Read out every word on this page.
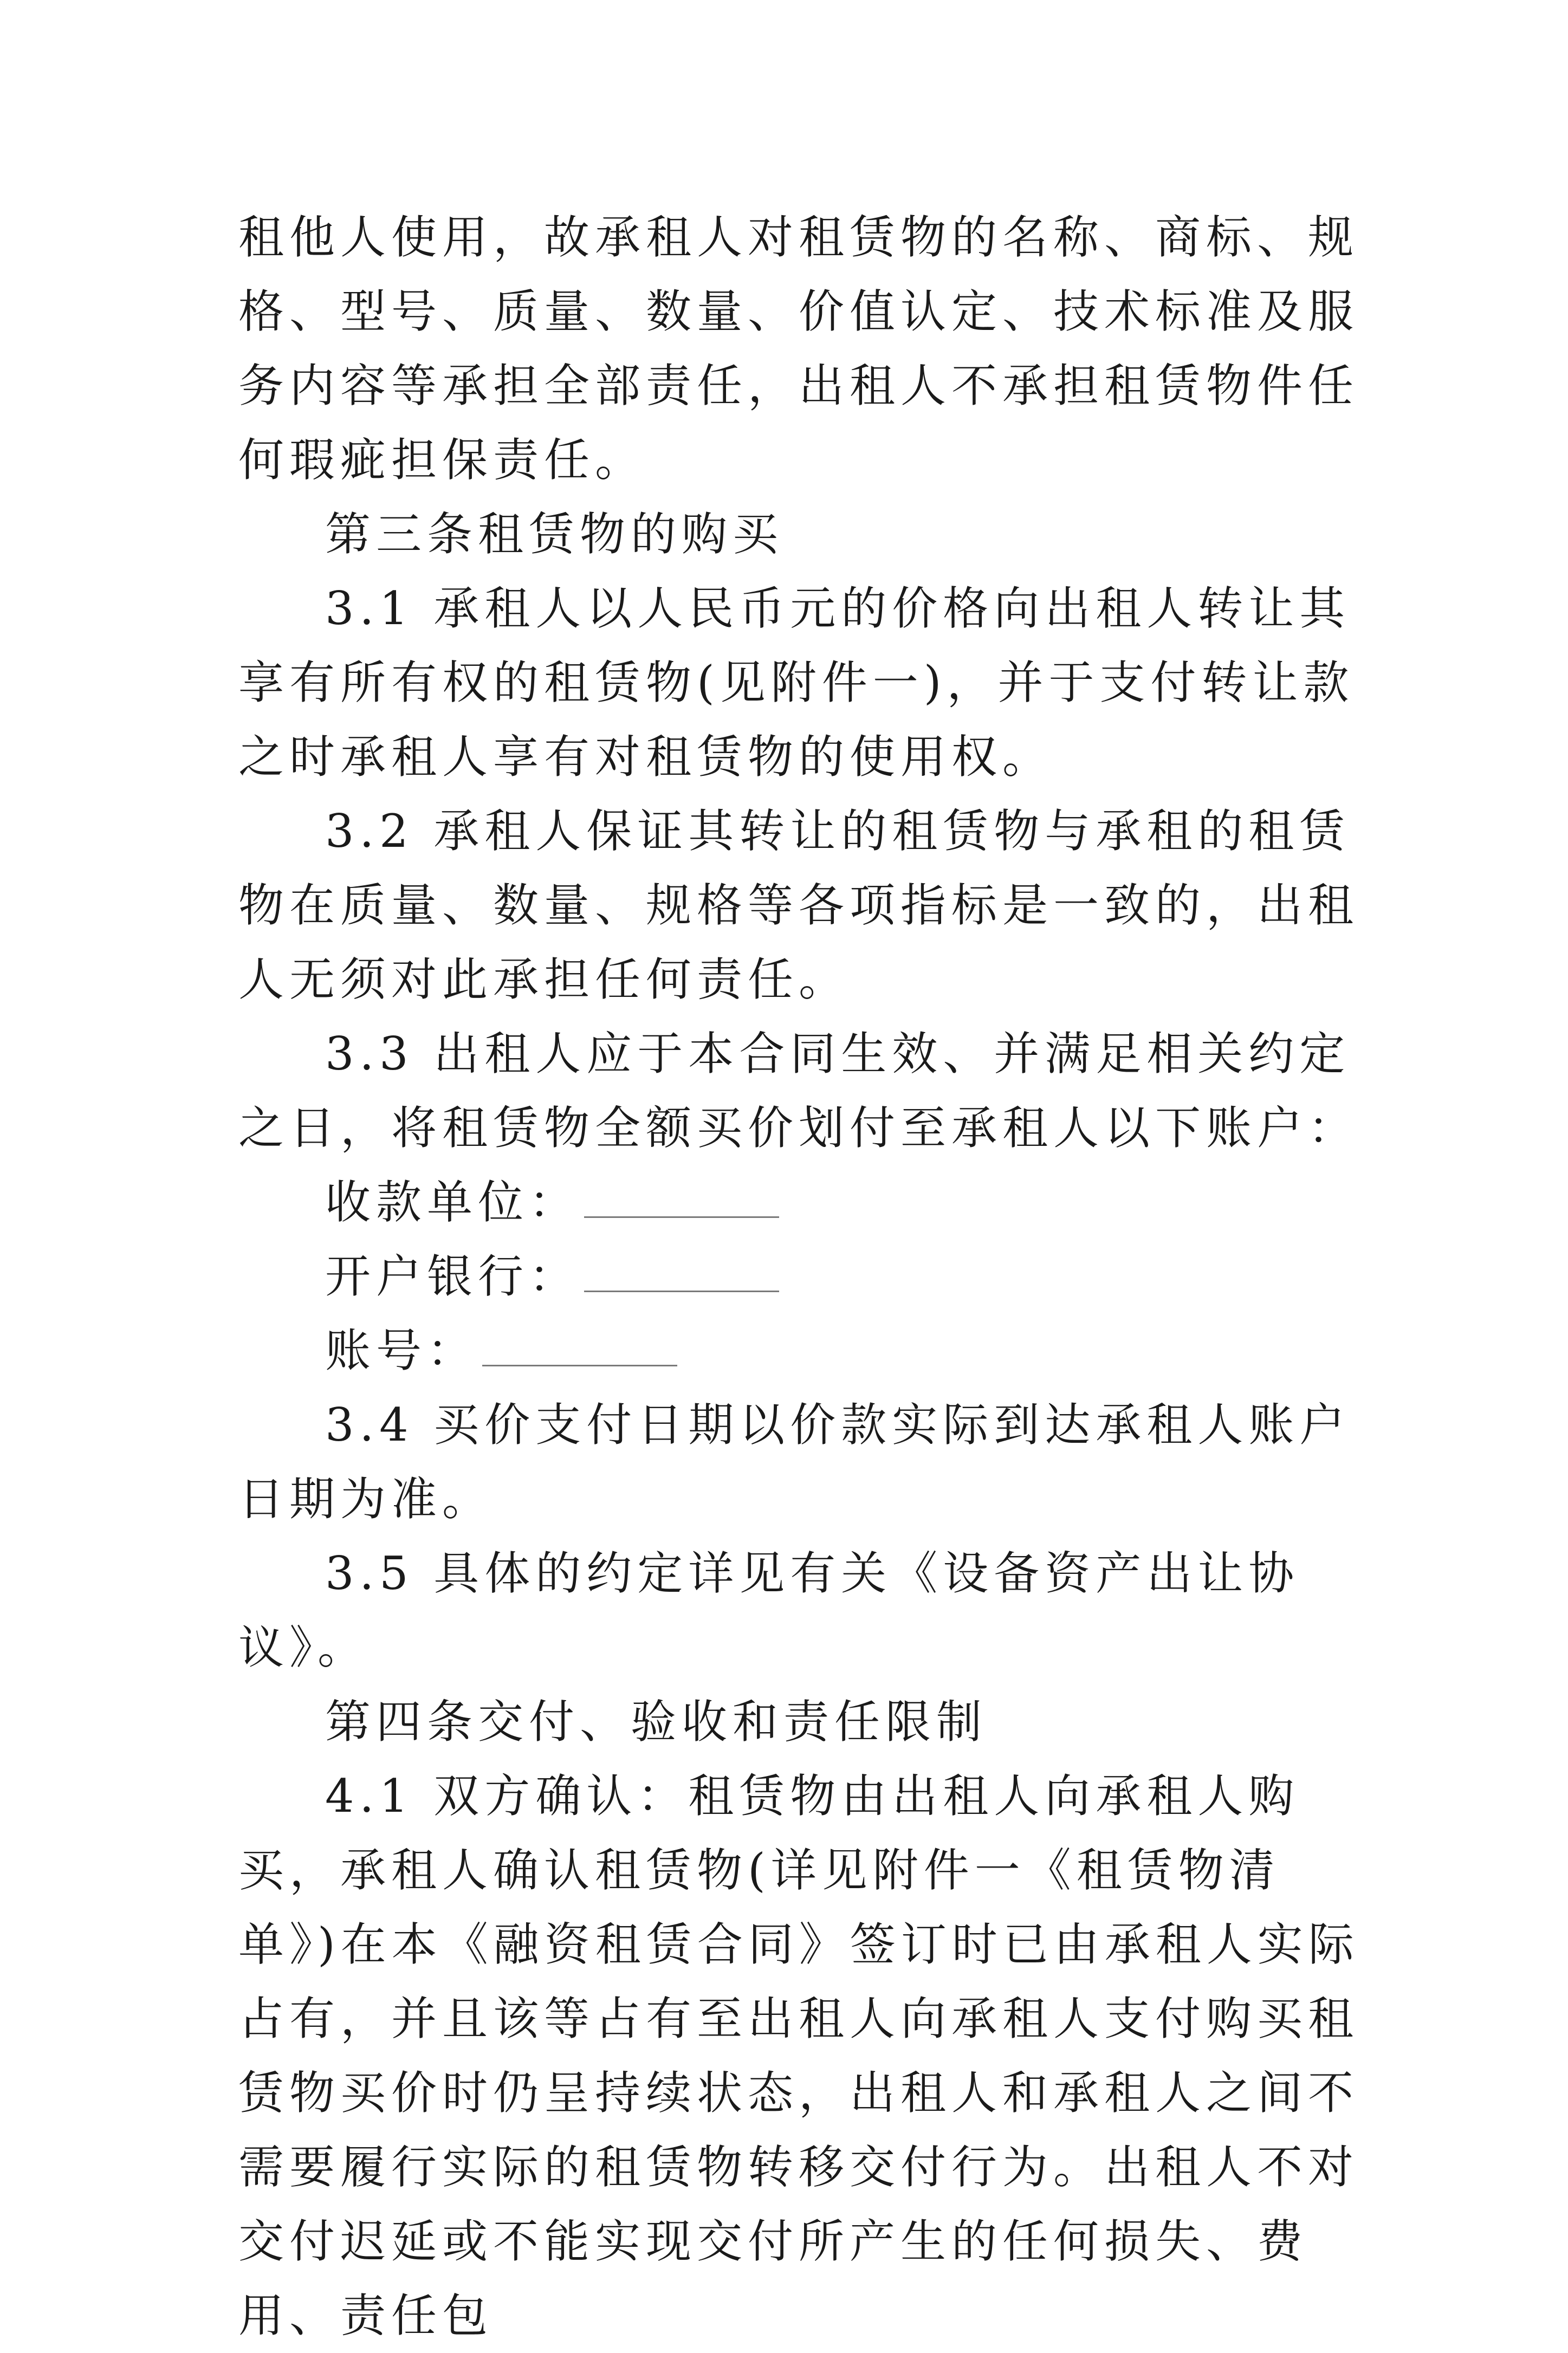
租他人使用，故承租人对租赁物的名称、商标、规格、型号、质量、数量、价值认定、技术标准及服务内容等承担全部责任，出租人不承担租赁物件任何瑕疵担保责任。

第三条租赁物的购买

3.1 承租人以人民币元的价格向出租人转让其享有所有权的租赁物(见附件一)，并于支付转让款之时承租人享有对租赁物的使用权。

3.2 承租人保证其转让的租赁物与承租的租赁物在质量、数量、规格等各项指标是一致的，出租人无须对此承担任何责任。

3.3 出租人应于本合同生效、并满足相关约定之日，将租赁物全额买价划付至承租人以下账户：

收款单位：

开户银行：

账号：

3.4 买价支付日期以价款实际到达承租人账户日期为准。

3.5 具体的约定详见有关《设备资产出让协议》。

第四条交付、验收和责任限制

4.1 双方确认：租赁物由出租人向承租人购买，承租人确认租赁物(详见附件一《租赁物清单》)在本《融资租赁合同》签订时已由承租人实际占有，并且该等占有至出租人向承租人支付购买租赁物买价时仍呈持续状态，出租人和承租人之间不需要履行实际的租赁物转移交付行为。出租人不对交付迟延或不能实现交付所产生的任何损失、费用、责任包
